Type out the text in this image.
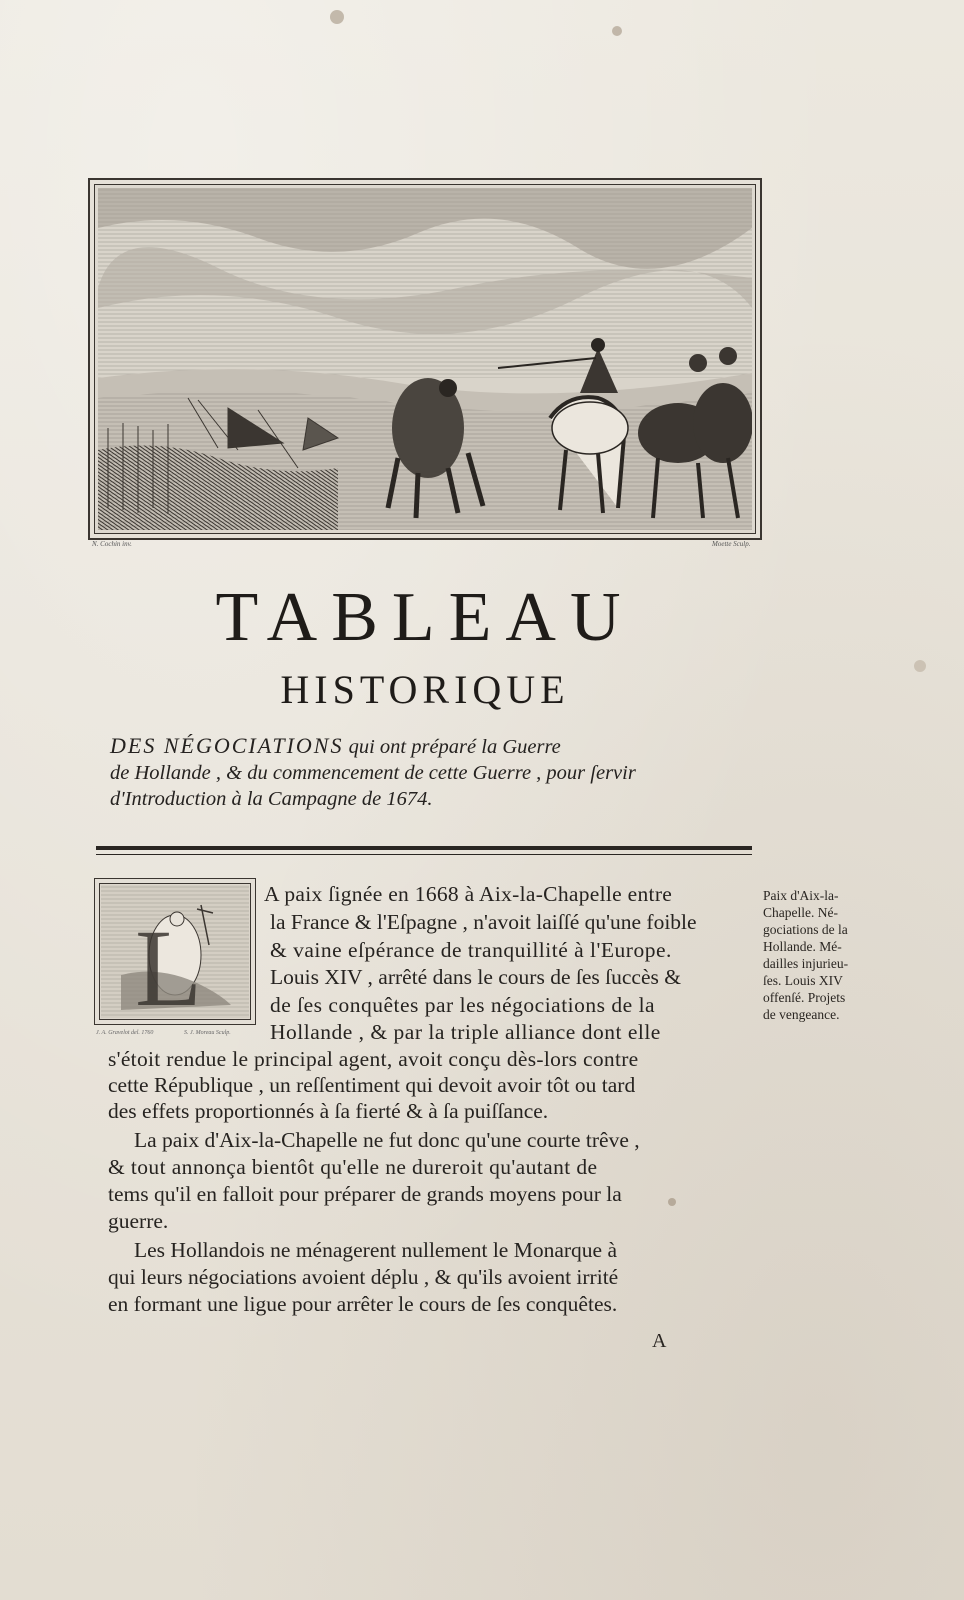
N. Cochin inv.	Moette Sculp.
TABLEAU
HISTORIQUE
DES NÉGOCIATIONS qui ont préparé la Guerre
de Hollande , & du commencement de cette Guerre , pour ſervir
d'Introduction à la Campagne de 1674.
L
J. A. Gravelot del. 1760	S. J. Moreau Sculp.
A paix ſignée en 1668 à Aix-la-Chapelle entre
la France & l'Eſpagne , n'avoit laiſſé qu'une foible
& vaine eſpérance de tranquillité à l'Europe.
Louis XIV , arrêté dans le cours de ſes ſuccès &
de ſes conquêtes par les négociations de la
Hollande , & par la triple alliance dont elle
s'étoit rendue le principal agent, avoit conçu dès-lors contre
cette République , un reſſentiment qui devoit avoir tôt ou tard
des effets proportionnés à ſa fierté & à ſa puiſſance.
La paix d'Aix-la-Chapelle ne fut donc qu'une courte trêve ,
& tout annonça bientôt qu'elle ne dureroit qu'autant de
tems qu'il en falloit pour préparer de grands moyens pour la
guerre.
Les Hollandois ne ménagerent nullement le Monarque à
qui leurs négociations avoient déplu , & qu'ils avoient irrité
en formant une ligue pour arrêter le cours de ſes conquêtes.
Paix d'Aix-la-
Chapelle. Né-
gociations de la
Hollande. Mé-
dailles injurieu-
ſes. Louis XIV
offenſé. Projets
de vengeance.
A
